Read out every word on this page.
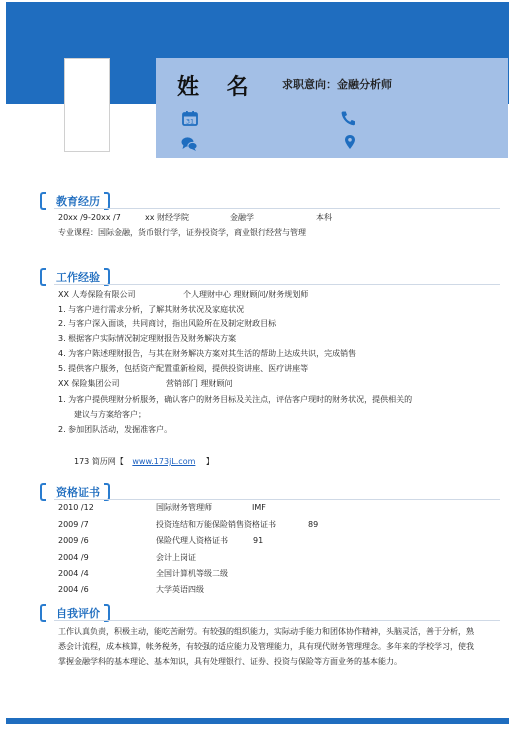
姓 名 求职意向：金融分析师
31
教育经历
20xx /9-20xx /7	xx 财经学院	金融学	本科
专业课程：国际金融，货币银行学，证券投资学，商业银行经营与管理
工作经验
XX 人寿保险有限公司	个人理财中心 理财顾问/财务规划师
1. 与客户进行需求分析，了解其财务状况及家庭状况
2. 与客户深入面谈，共同商讨，指出风险所在及制定财政目标
3. 根据客户实际情况制定理财报告及财务解决方案
4. 为客户陈述理财报告，与其在财务解决方案对其生活的帮助上达成共识，完成销售
5. 提供客户服务，包括资产配置重新检阅，提供投资讲座、医疗讲座等
XX 保险集团公司	营销部门 理财顾问
1. 为客户提供理财分析服务，确认客户的财务目标及关注点，评估客户现时的财务状况，提供相关的
建议与方案给客户；
2. 参加团队活动，发掘准客户。
173 简历网【 www.173jL.com 】
资格证书
2010 /12	国际财务管理师	IMF
2009 /7	投资连结和万能保险销售资格证书	89
2009 /6	保险代理人资格证书	91
2004 /9	会计上岗证
2004 /4	全国计算机等级二级
2004 /6	大学英语四级
自我评价
工作认真负责，积极主动，能吃苦耐劳。有较强的组织能力，实际动手能力和团体协作精神，头脑灵活，善于分析，熟悉会计流程，成本核算，帐务税务，有较强的适应能力及管理能力，具有现代财务管理理念。多年来的学校学习，使我掌握金融学科的基本理论、基本知识，具有处理银行、证券、投资与保险等方面业务的基本能力。
